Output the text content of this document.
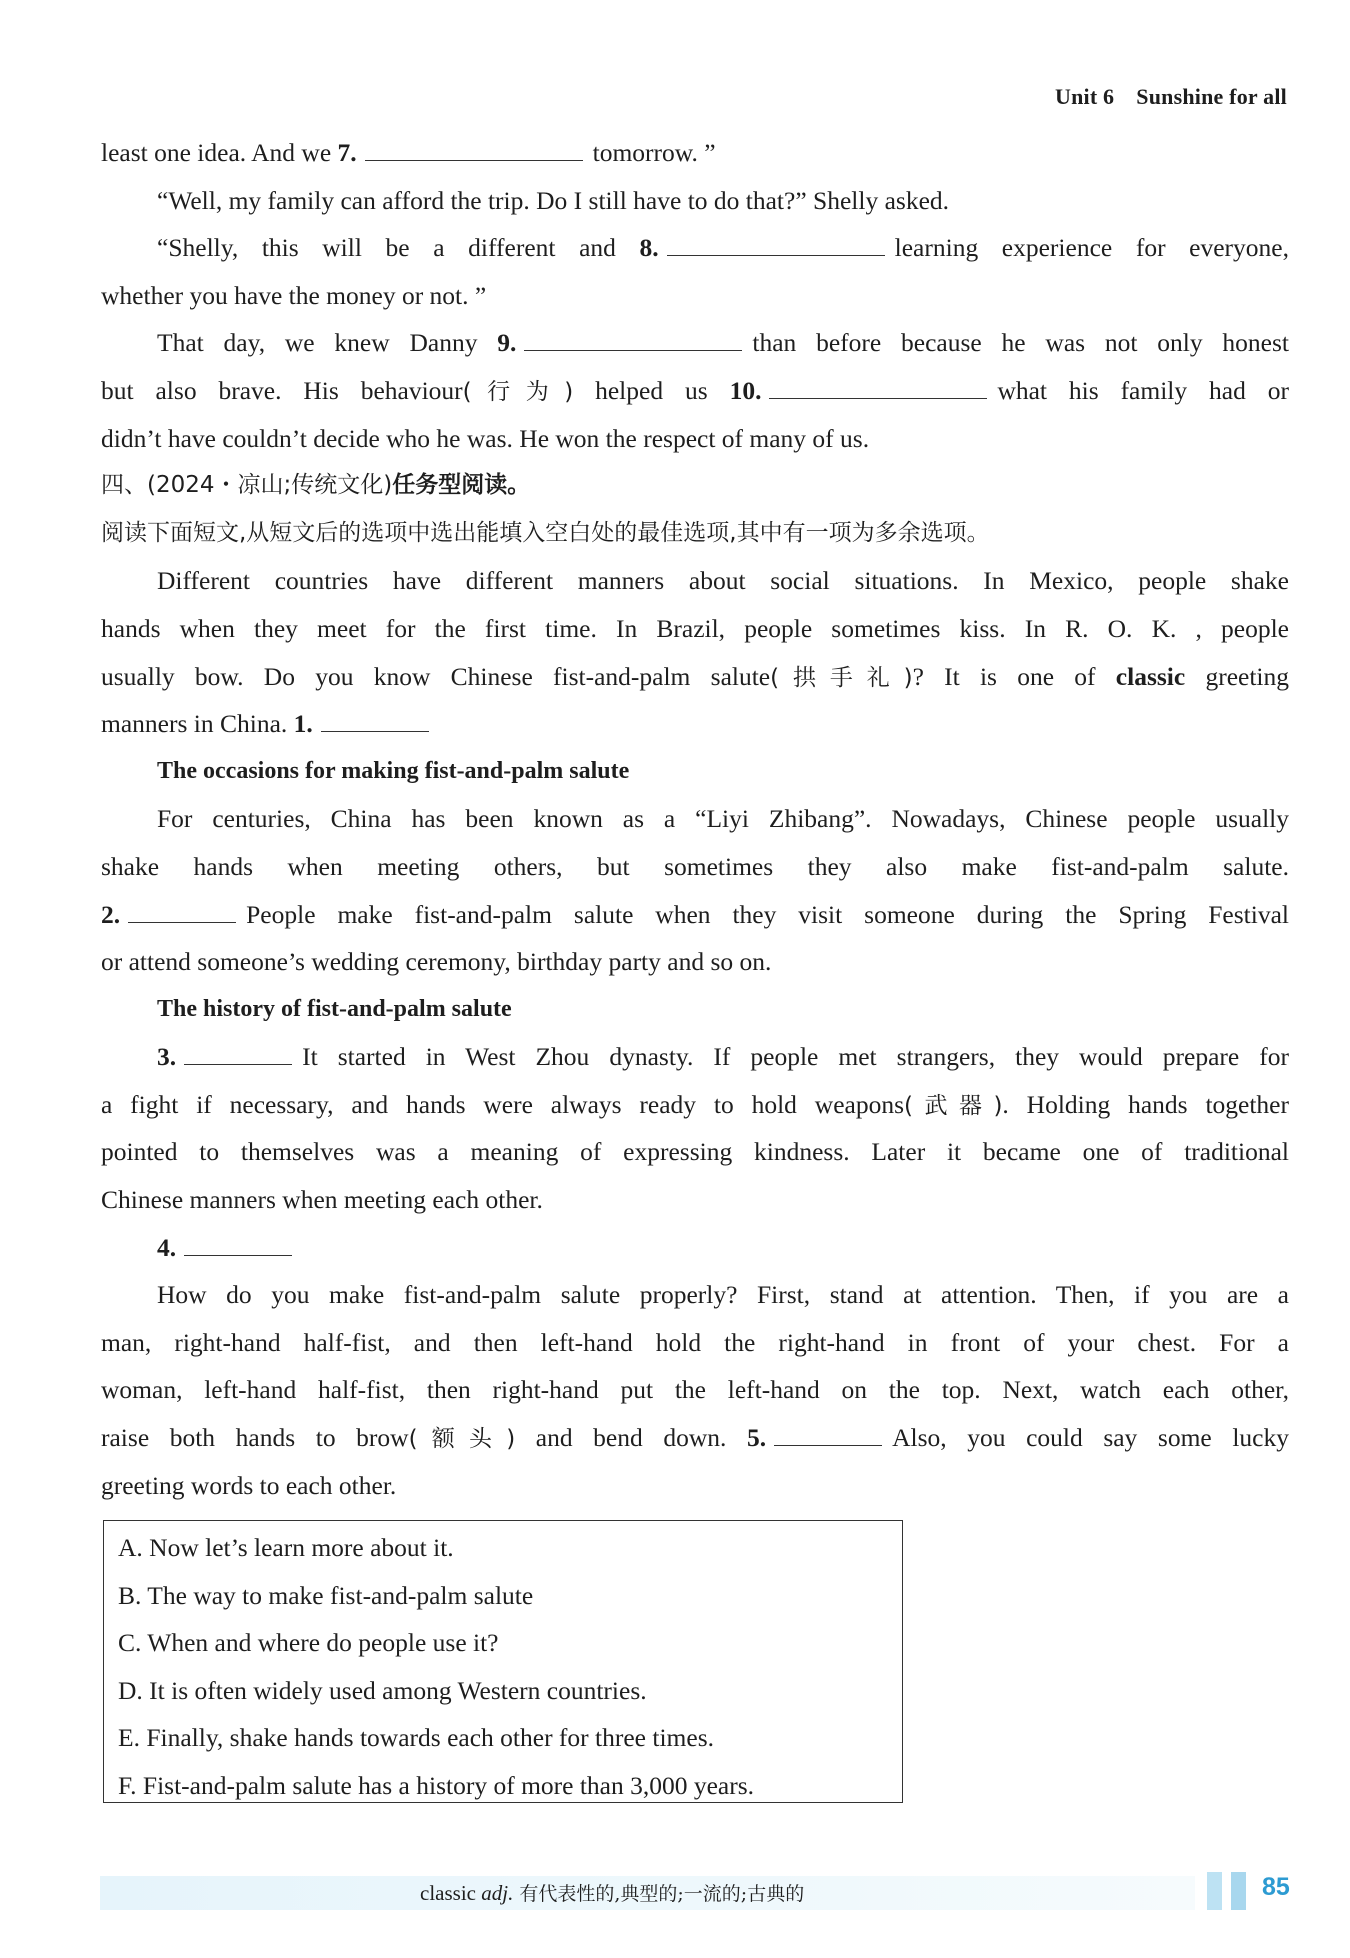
Unit 6 Sunshine for all
least one idea. And we 7.	tomorrow. ”
“Well, my family can afford the trip. Do I still have to do that?” Shelly asked.
“Shelly, this will be a different and 8.	learning experience for everyone,
whether you have the money or not. ”
That day, we knew Danny 9.	than before because he was not only honest
but also brave. His behaviour(行为) helped us 10.	what his family had or
didn’t have couldn’t decide who he was. He won the respect of many of us.
四、(2024・凉山;传统文化)任务型阅读。
阅读下面短文,从短文后的选项中选出能填入空白处的最佳选项,其中有一项为多余选项。
Different countries have different manners about social situations. In Mexico, people shake
hands when they meet for the first time. In Brazil, people sometimes kiss. In R. O. K. , people
usually bow. Do you know Chinese fist-and-palm salute(拱手礼)? It is one of classic greeting
manners in China. 1.
The occasions for making fist-and-palm salute
For centuries, China has been known as a “Liyi Zhibang”. Nowadays, Chinese people usually
shake hands when meeting others, but sometimes they also make fist-and-palm salute.
2.	People make fist-and-palm salute when they visit someone during the Spring Festival
or attend someone’s wedding ceremony, birthday party and so on.
The history of fist-and-palm salute
3.	It started in West Zhou dynasty. If people met strangers, they would prepare for
a fight if necessary, and hands were always ready to hold weapons(武器). Holding hands together
pointed to themselves was a meaning of expressing kindness. Later it became one of traditional
Chinese manners when meeting each other.
4.
How do you make fist-and-palm salute properly? First, stand at attention. Then, if you are a
man, right-hand half-fist, and then left-hand hold the right-hand in front of your chest. For a
woman, left-hand half-fist, then right-hand put the left-hand on the top. Next, watch each other,
raise both hands to brow(额头) and bend down. 5.	Also, you could say some lucky
greeting words to each other.
A. Now let’s learn more about it.
B. The way to make fist-and-palm salute
C. When and where do people use it?
D. It is often widely used among Western countries.
E. Finally, shake hands towards each other for three times.
F. Fist-and-palm salute has a history of more than 3,000 years.
classic adj. 有代表性的,典型的;一流的;古典的	85
